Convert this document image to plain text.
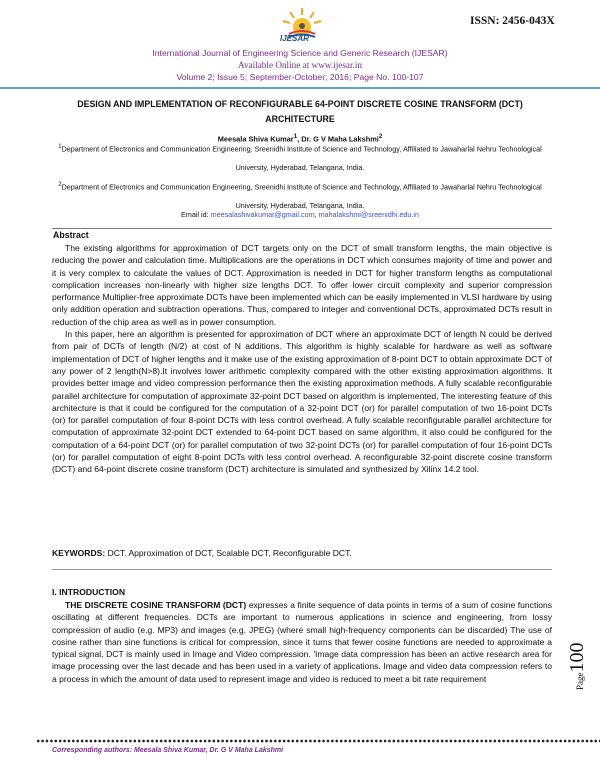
IJESAR
ISSN: 2456-043X
International Journal of Engineering Science and Generic Research (IJESAR)
Available Online at www.ijesar.in
Volume 2; Issue 5; September-October; 2016; Page No. 100-107
DESIGN AND IMPLEMENTATION OF RECONFIGURABLE 64-POINT DISCRETE COSINE TRANSFORM (DCT) ARCHITECTURE
Meesala Shiva Kumar$^1$, Dr. G V Maha Lakshmi$^2$
$^1$Department of Electronics and Communication Engineering, Sreenidhi Institute of Science and Technology, Affiliated to Jawaharlal Nehru Technological University, Hyderabad, Telangana, India.
$^2$Department of Electronics and Communication Engineering, Sreenidhi Institute of Science and Technology, Affiliated to Jawaharlal Nehru Technological University, Hyderabad, Telangana, India.
Email id: meesalashivakumar@gmail.com, mahalakshmi@sreenidhi.edu.in
Abstract

The existing algorithms for approximation of DCT targets only on the DCT of small transform lengths, the main objective is reducing the power and calculation time. Multiplications are the operations in DCT which consumes majority of time and power and it is very complex to calculate the values of DCT. Approximation is needed in DCT for higher transform lengths as computational complication increases non-linearly with higher size lengths DCT. To offer lower circuit complexity and superior compression performance Multiplier-free approximate DCTs have been implemented which can be easily implemented in VLSI hardware by using only addition operation and subtraction operations. Thus, compared to integer and conventional DCTs, approximated DCTs result in reduction of the chip area as well as in power consumption.

In this paper, here an algorithm is presented for approximation of DCT where an approximate DCT of length N could be derived from pair of DCTs of length (N/2) at cost of N additions. This algorithm is highly scalable for hardware as well as software implementation of DCT of higher lengths and it make use of the existing approximation of 8-point DCT to obtain approximate DCT of any power of 2 length(N>8).It involves lower arithmetic complexity compared with the other existing approximation algorithms. It provides better image and video compression performance then the existing approximation methods. A fully scalable reconfigurable parallel architecture for computation of approximate 32-point DCT based on algorithm is implemented, The interesting feature of this architecture is that it could be configured for the computation of a 32-point DCT (or) for parallel computation of two 16-point DCTs (or) for parallel computation of four 8-point DCTs with less control overhead. A fully scalable reconfigurable parallel architecture for computation of approximate 32-point DCT extended to 64-point DCT based on same algorithm, it also could be configured for the computation of a 64-point DCT (or) for parallel computation of two 32-point DCTs (or) for parallel computation of four 16-point DCTs (or) for parallel computation of eight 8-point DCTs with less control overhead. A reconfigurable 32-point discrete cosine transform (DCT) and 64-point discrete cosine transform (DCT) architecture is simulated and synthesized by Xilinx 14.2 tool.

KEYWORDS: DCT. Approximation of DCT, Scalable DCT, Reconfigurable DCT.
I. INTRODUCTION

THE DISCRETE COSINE TRANSFORM (DCT) expresses a finite sequence of data points in terms of a sum of cosine functions oscillating at different frequencies. DCTs are important to numerous applications in science and engineering, from lossy compression of audio (e.g. MP3) and images (e.g. JPEG) (where small high-frequency components can be discarded) The use of cosine rather than sine functions is critical for compression, since it turns that fewer cosine functions are needed to approximate a typical signal, DCT is mainly used in Image and Video compression. 'Image data compression has been an active research area for image processing over the last decade and has been used in a variety of applications. Image and video data compression refers to a process in which the amount of data used to represent image and video is reduced to meet a bit rate requirement	Page100
Corresponding authors: Meesala Shiva Kumar, Dr. G V Maha Lakshmi
